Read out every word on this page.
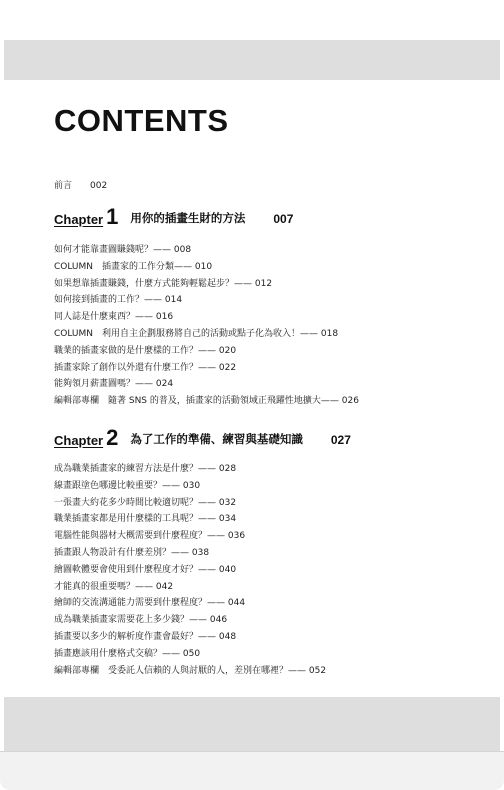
CONTENTS
前言 002
Chapter 1 用你的插畫生財的方法 007
如何才能靠畫圖賺錢呢？—— 008
COLUMN　插畫家的工作分類—— 010
如果想靠插畫賺錢，什麼方式能夠輕鬆起步？—— 012
如何接到插畫的工作？—— 014
同人誌是什麼東西？—— 016
COLUMN　利用自主企劃服務將自己的活動或點子化為收入！—— 018
職業的插畫家做的是什麼樣的工作？—— 020
插畫家除了創作以外還有什麼工作？—— 022
能夠領月薪畫圖嗎？—— 024
編輯部專欄　隨著 SNS 的普及，插畫家的活動領域正飛躍性地擴大—— 026
Chapter 2 為了工作的準備、練習與基礎知識 027
成為職業插畫家的練習方法是什麼？—— 028
線畫跟塗色哪邊比較重要？—— 030
一張畫大約花多少時間比較適切呢？—— 032
職業插畫家都是用什麼樣的工具呢？—— 034
電腦性能與器材大概需要到什麼程度？—— 036
插畫跟人物設計有什麼差別？—— 038
繪圖軟體要會使用到什麼程度才好？—— 040
才能真的很重要嗎？—— 042
繪師的交流溝通能力需要到什麼程度？—— 044
成為職業插畫家需要花上多少錢？—— 046
插畫要以多少的解析度作畫會最好？—— 048
插畫應該用什麼格式交稿？—— 050
編輯部專欄　受委託人信賴的人與討厭的人，差別在哪裡？—— 052
